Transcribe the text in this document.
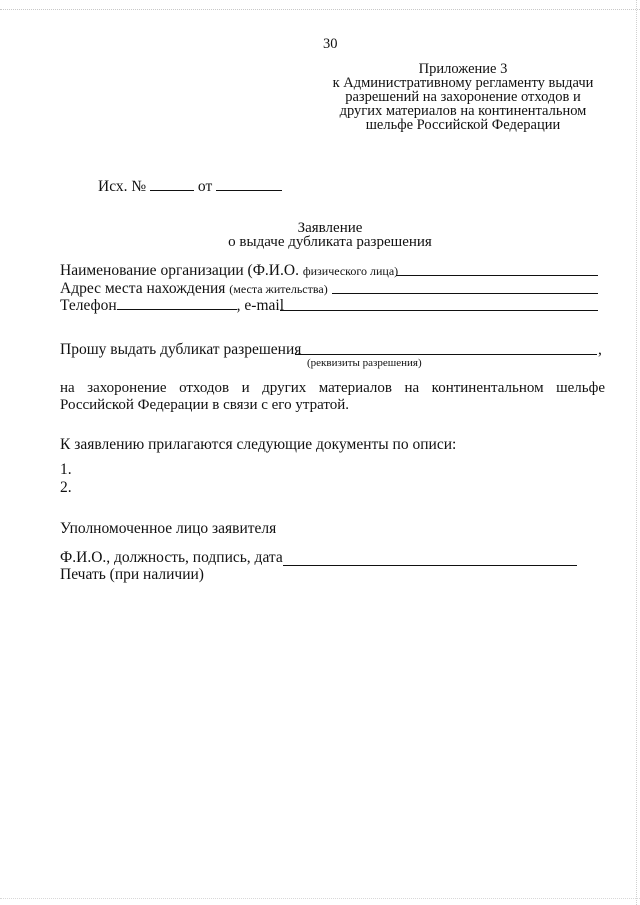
30
Приложение 3
к Административному регламенту выдачи
разрешений на захоронение отходов и
других материалов на континентальном
шельфе Российской Федерации
Исх. №	от
Заявление
о выдаче дубликата разрешения
Наименование организации (Ф.И.О. физического лица)
Адрес места нахождения (места жительства)
Телефон	, e-mail
Прошу выдать дубликат разрешения	,
(реквизиты разрешения)
на захоронение отходов и других материалов на континентальном шельфе Российской Федерации в связи с его утратой.
К заявлению прилагаются следующие документы по описи:
1.
2.
Уполномоченное лицо заявителя
Ф.И.О., должность, подпись, дата
Печать (при наличии)
